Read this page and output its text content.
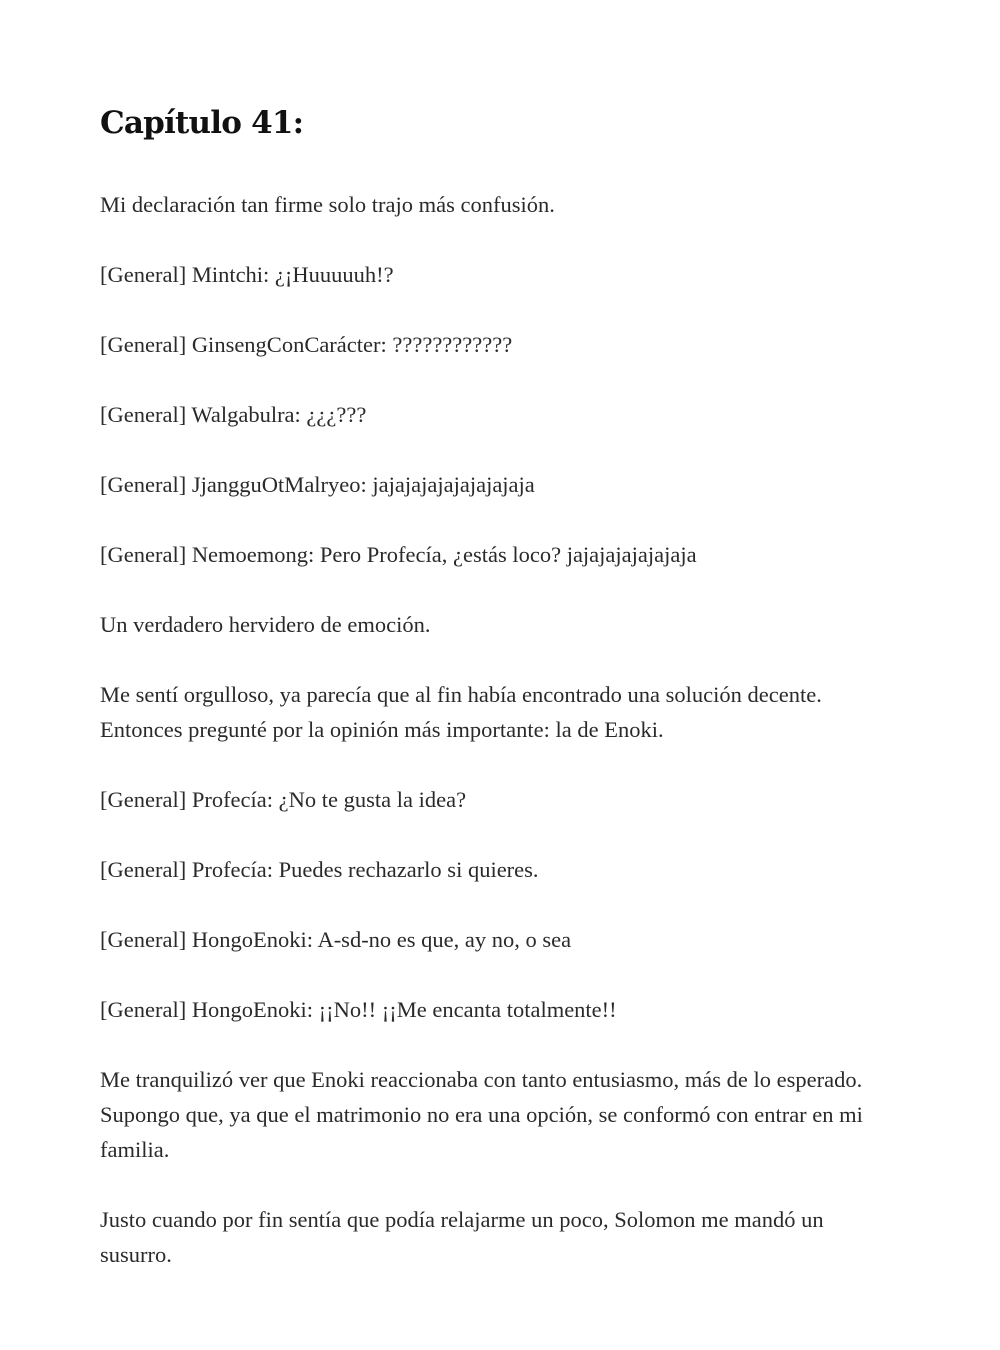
Capítulo 41:

Mi declaración tan firme solo trajo más confusión.

[General] Mintchi: ¿¡Huuuuuh!?

[General] GinsengConCarácter: ????????????

[General] Walgabulra: ¿¿¿???

[General] JjangguOtMalryeo: jajajajajajajajajaja

[General] Nemoemong: Pero Profecía, ¿estás loco? jajajajajajajaja

Un verdadero hervidero de emoción.

Me sentí orgulloso, ya parecía que al fin había encontrado una solución decente. Entonces pregunté por la opinión más importante: la de Enoki.

[General] Profecía: ¿No te gusta la idea?

[General] Profecía: Puedes rechazarlo si quieres.

[General] HongoEnoki: A-sd-no es que, ay no, o sea

[General] HongoEnoki: ¡¡No!! ¡¡Me encanta totalmente!!

Me tranquilizó ver que Enoki reaccionaba con tanto entusiasmo, más de lo esperado. Supongo que, ya que el matrimonio no era una opción, se conformó con entrar en mi familia.

Justo cuando por fin sentía que podía relajarme un poco, Solomon me mandó un susurro.
